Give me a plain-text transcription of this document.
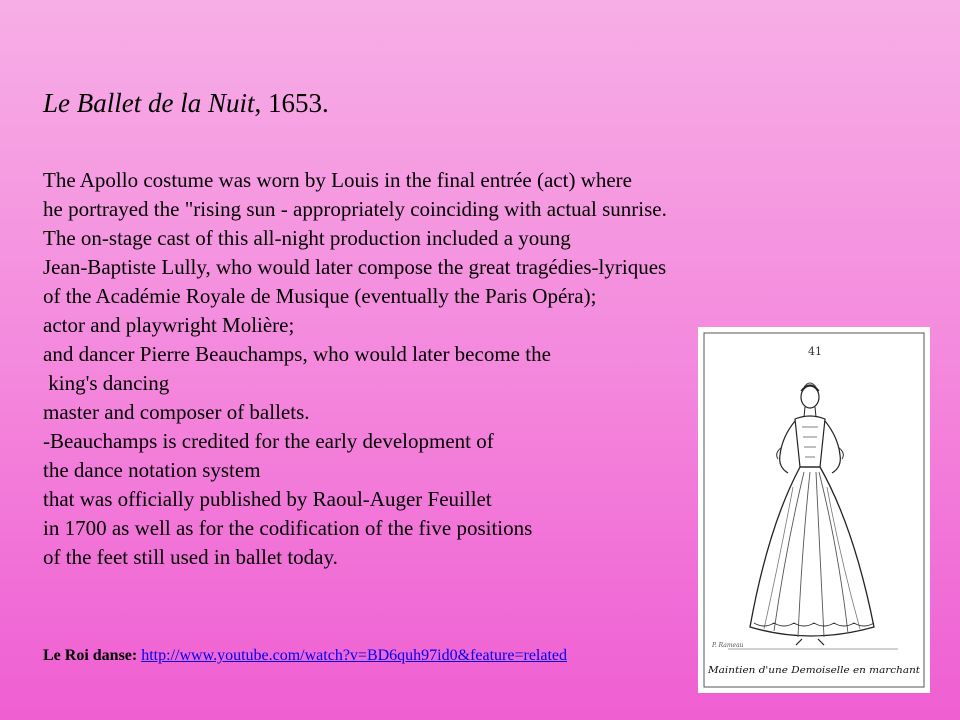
Le Ballet de la Nuit, 1653.
The Apollo costume was worn by Louis in the final entrée (act) where
he portrayed the "rising sun - appropriately coinciding with actual sunrise.
The on-stage cast of this all-night production included a young
Jean-Baptiste Lully, who would later compose the great tragédies-lyriques
of the Académie Royale de Musique (eventually the Paris Opéra);
actor and playwright Molière;
and dancer Pierre Beauchamps, who would later become the
king's dancing
master and composer of ballets.
-Beauchamps is credited for the early development of
the dance notation system
that was officially published by Raoul-Auger Feuillet
in 1700 as well as for the codification of the five positions
of the feet still used in ballet today.
Le Roi danse: http://www.youtube.com/watch?v=BD6quh97id0&feature=related
41
P. Rameau
Maintien d'une Demoiselle en marchant
